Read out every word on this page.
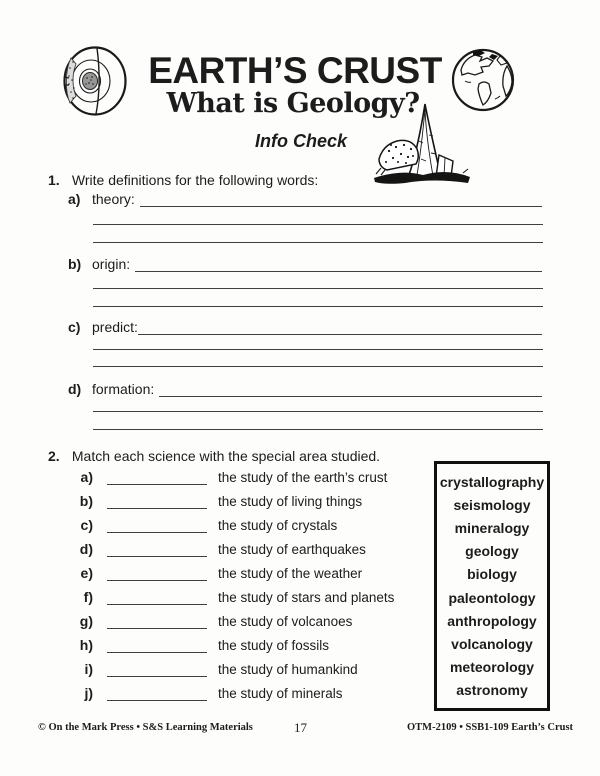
EARTH’S CRUST
What is Geology?
Info Check
1. Write definitions for the following words:
a) theory:
b) origin:
c) predict:
d) formation:
2. Match each science with the special area studied.
a)	the study of the earth’s crust
b)	the study of living things
c)	the study of crystals
d)	the study of earthquakes
e)	the study of the weather
f)	the study of stars and planets
g)	the study of volcanoes
h)	the study of fossils
i)	the study of humankind
j)	the study of minerals
crystallography
seismology
mineralogy
geology
biology
paleontology
anthropology
volcanology
meteorology
astronomy
© On the Mark Press • S&S Learning Materials	17	OTM-2109 • SSB1-109 Earth’s Crust
